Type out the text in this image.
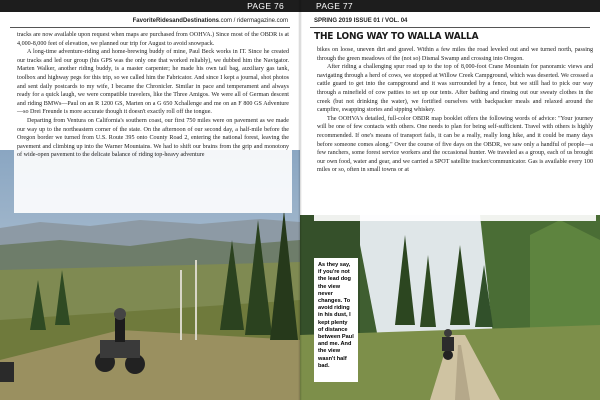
PAGE 76
FavoriteRidesandDestinations.com / ridermagazine.com

tracks are now available upon request when maps are purchased from OOHVA.) Since most of the OBDR is at 4,000-8,000 feet of elevation, we planned our trip for August to avoid snowpack.

A long-time adventure-riding and home-brewing buddy of mine, Paul Beck works in IT. Since he created our tracks and led our group (his GPS was the only one that worked reliably), we dubbed him the Navigator. Marten Walker, another riding buddy, is a master carpenter; he made his own tail bag, auxiliary gas tank, toolbox and highway pegs for this trip, so we called him the Fabricator. And since I kept a journal, shot photos and sent daily postcards to my wife, I became the Chronicler. Similar in pace and temperament and always ready for a quick laugh, we were compatible travelers, like the Three Amigos. We were all of German descent and riding BMWs—Paul on an R 1200 GS, Marten on a G 650 Xchallenge and me on an F 800 GS Adventure—so Drei Freunde is more accurate though it doesn't exactly roll off the tongue.

Departing from Ventura on California's southern coast, our first 750 miles were on pavement as we made our way up to the northeastern corner of the state. On the afternoon of our second day, a half-mile before the Oregon border we turned from U.S. Route 395 onto County Road 2, entering the national forest, leaving the pavement and climbing up into the Warner Mountains. We had to shift our brains from the grip and monotony of wide-open pavement to the delicate balance of riding top-heavy adventure

PAGE 77
SPRING 2019 ISSUE 01 / VOL. 04
THE LONG WAY TO WALLA WALLA

bikes on loose, uneven dirt and gravel. Within a few miles the road leveled out and we turned north, passing through the green meadows of the (not so) Dismal Swamp and crossing into Oregon.

After riding a challenging spur road up to the top of 8,000-foot Crane Mountain for panoramic views and navigating through a herd of cows, we stopped at Willow Creek Campground, which was deserted. We crossed a cattle guard to get into the campground and it was surrounded by a fence, but we still had to pick our way through a minefield of cow patties to set up our tents. After bathing and rinsing out our sweaty clothes in the creek (but not drinking the water), we fortified ourselves with backpacker meals and relaxed around the campfire, swapping stories and sipping whiskey.

The OOHVA's detailed, full-color OBDR map booklet offers the following words of advice: "Your journey will be one of few contacts with others. One needs to plan for being self-sufficient. Travel with others is highly recommended. If one's means of transport fails, it can be a really, really long hike, and it could be many days before someone comes along." Over the course of five days on the OBDR, we saw only a handful of people—a few ranchers, some forest service workers and the occasional hunter. We traveled as a group, each of us brought our own food, water and gear, and we carried a SPOT satellite tracker/communicator. Gas is available every 100 miles or so, often in small towns or at

As they say, if you're not the lead dog the view never changes. To avoid riding in his dust, I kept plenty of distance between Paul and me. And the view wasn't half bad.
